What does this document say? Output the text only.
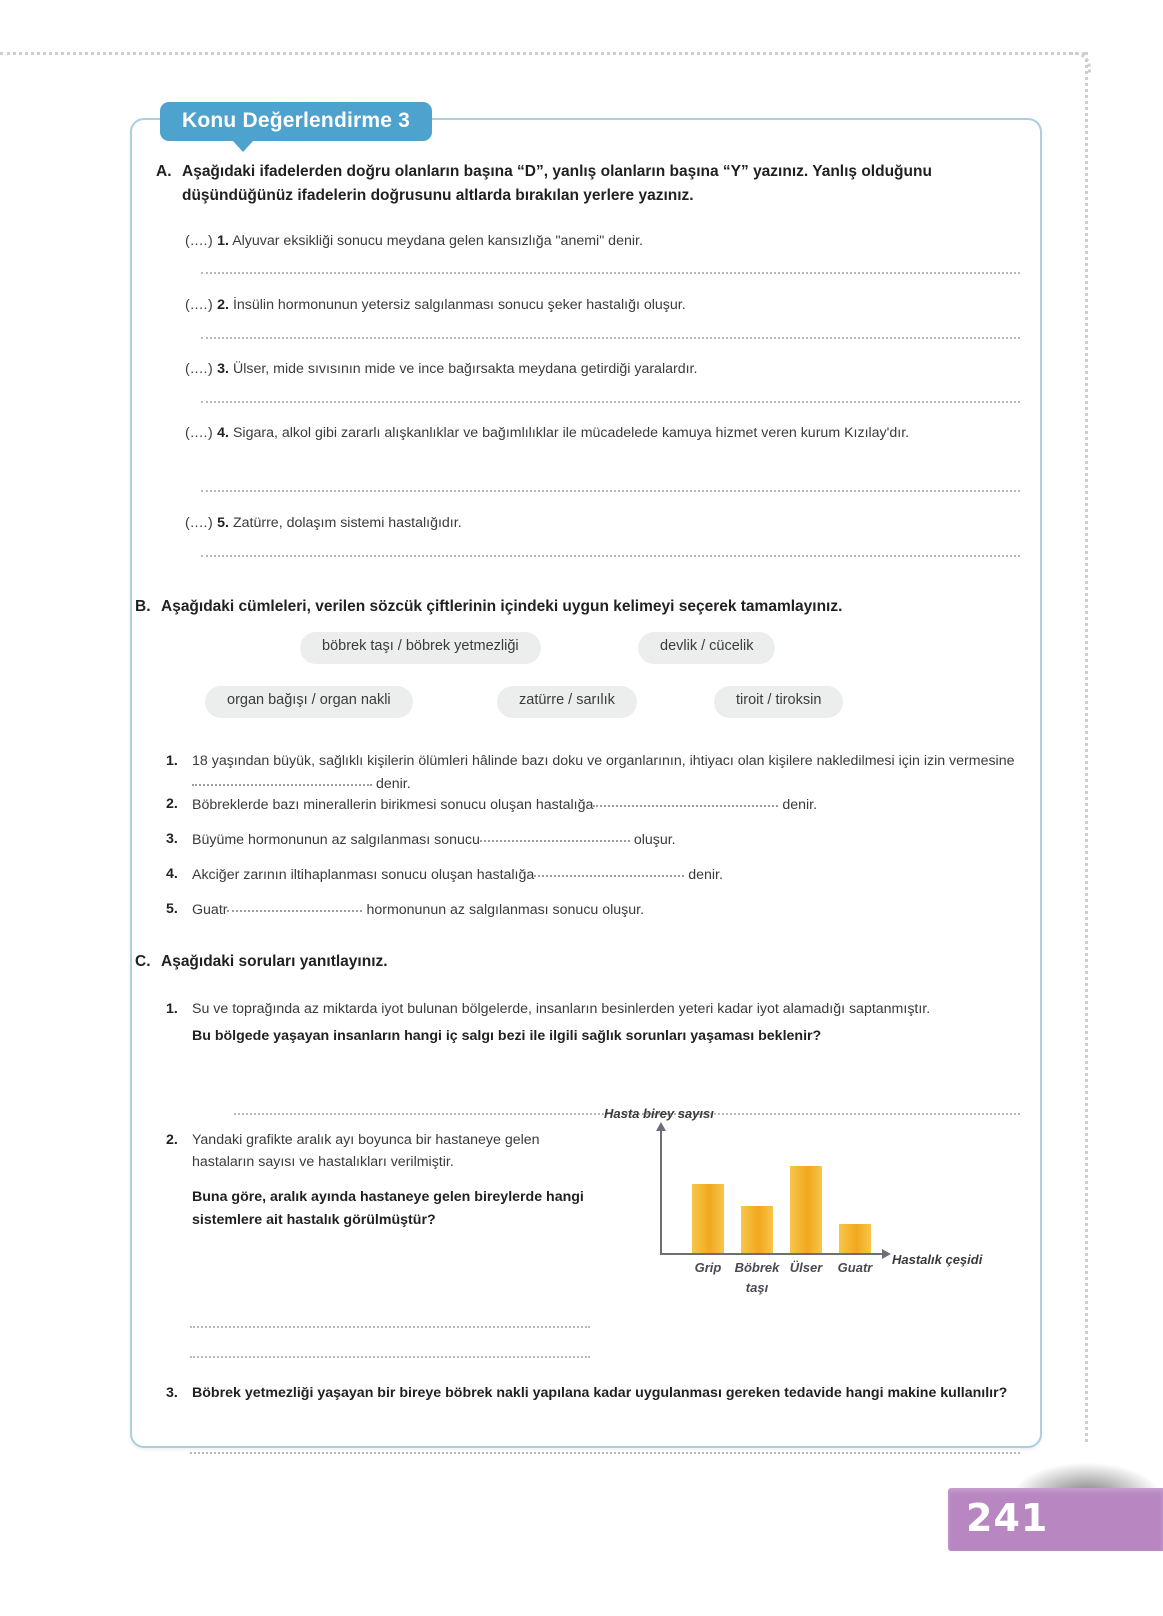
Konu Değerlendirme 3
A. Aşağıdaki ifadelerden doğru olanların başına “D”, yanlış olanların başına “Y” yazınız. Yanlış olduğunu düşündüğünüz ifadelerin doğrusunu altlarda bırakılan yerlere yazınız.
(....) 1. Alyuvar eksikliği sonucu meydana gelen kansızlığa "anemi" denir.
(....) 2. İnsülin hormonunun yetersiz salgılanması sonucu şeker hastalığı oluşur.
(....) 3. Ülser, mide sıvısının mide ve ince bağırsakta meydana getirdiği yaralardır.
(....) 4. Sigara, alkol gibi zararlı alışkanlıklar ve bağımlılıklar ile mücadelede kamuya hizmet veren kurum Kızılay'dır.
(....) 5. Zatürre, dolaşım sistemi hastalığıdır.
B. Aşağıdaki cümleleri, verilen sözcük çiftlerinin içindeki uygun kelimeyi seçerek tamamlayınız.
böbrek taşı / böbrek yetmezliği	devlik / cücelik
organ bağışı / organ nakli	zatürre / sarılık	tiroit / tiroksin
1. 18 yaşından büyük, sağlıklı kişilerin ölümleri hâlinde bazı doku ve organlarının, ihtiyacı olan kişilere nakledilmesi için izin vermesine denir.
2. Böbreklerde bazı minerallerin birikmesi sonucu oluşan hastalığa	denir.
3. Büyüme hormonunun az salgılanması sonucu	oluşur.
4. Akciğer zarının iltihaplanması sonucu oluşan hastalığa	denir.
5. Guatr	hormonunun az salgılanması sonucu oluşur.
C. Aşağıdaki soruları yanıtlayınız.
1. Su ve toprağında az miktarda iyot bulunan bölgelerde, insanların besinlerden yeteri kadar iyot alamadığı saptanmıştır.
Bu bölgede yaşayan insanların hangi iç salgı bezi ile ilgili sağlık sorunları yaşaması beklenir?
2. Yandaki grafikte aralık ayı boyunca bir hastaneye gelen hastaların sayısı ve hastalıkları verilmiştir.
Buna göre, aralık ayında hastaneye gelen bireylerde hangi sistemlere ait hastalık görülmüştür?
Hasta birey sayısı
Hastalık çeşidi
Grip	Böbrek
taşı
Ülser	Guatr
3. Böbrek yetmezliği yaşayan bir bireye böbrek nakli yapılana kadar uygulanması gereken tedavide hangi makine kullanılır?
241
